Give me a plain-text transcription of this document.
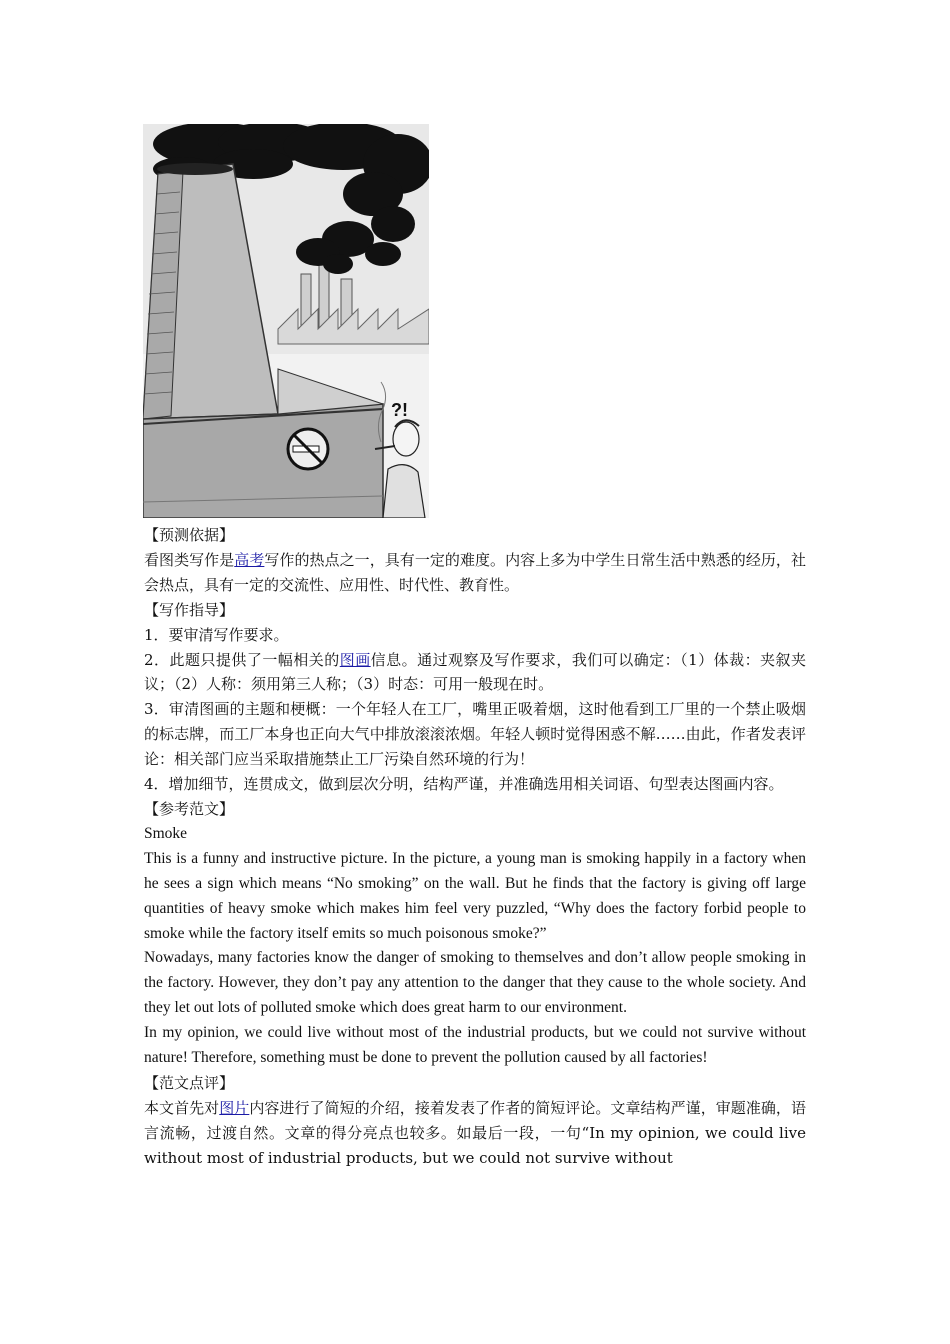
?!

【预测依据】

看图类写作是高考写作的热点之一，具有一定的难度。内容上多为中学生日常生活中熟悉的经历，社会热点，具有一定的交流性、应用性、时代性、教育性。

【写作指导】

1．要审清写作要求。

2．此题只提供了一幅相关的图画信息。通过观察及写作要求，我们可以确定：（1）体裁：夹叙夹议；（2）人称：须用第三人称；（3）时态：可用一般现在时。

3．审清图画的主题和梗概：一个年轻人在工厂，嘴里正吸着烟，这时他看到工厂里的一个禁止吸烟的标志牌，而工厂本身也正向大气中排放滚滚浓烟。年轻人顿时觉得困惑不解……由此，作者发表评论：相关部门应当采取措施禁止工厂污染自然环境的行为！

4．增加细节，连贯成文，做到层次分明，结构严谨，并准确选用相关词语、句型表达图画内容。

【参考范文】

Smoke

This is a funny and instructive picture. In the picture, a young man is smoking happily in a factory when he sees a sign which means “No smoking” on the wall. But he finds that the factory is giving off large quantities of heavy smoke which makes him feel very puzzled, “Why does the factory forbid people to smoke while the factory itself emits so much poisonous smoke?”

Nowadays, many factories know the danger of smoking to themselves and don’t allow people smoking in the factory. However, they don’t pay any attention to the danger that they cause to the whole society. And they let out lots of polluted smoke which does great harm to our environment.

In my opinion, we could live without most of the industrial products, but we could not survive without nature! Therefore, something must be done to prevent the pollution caused by all factories!

【范文点评】

本文首先对图片内容进行了简短的介绍，接着发表了作者的简短评论。文章结构严谨，审题准确，语言流畅，过渡自然。文章的得分亮点也较多。如最后一段，一句“In my opinion, we could live without most of industrial products, but we could not survive without
